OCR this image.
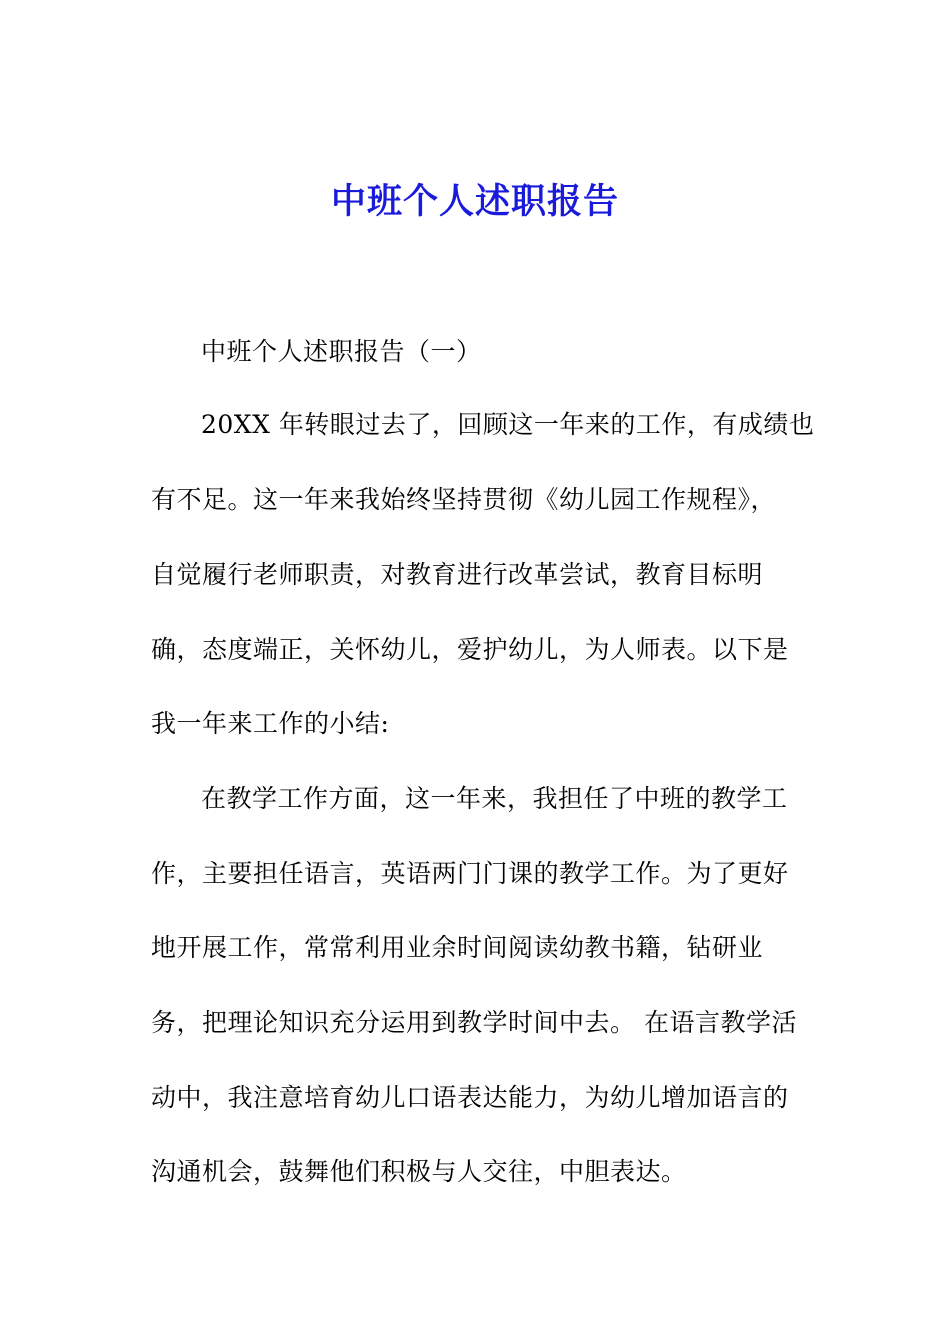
中班个人述职报告
中班个人述职报告（一）
20XX 年转眼过去了，回顾这一年来的工作，有成绩也
有不足。这一年来我始终坚持贯彻《幼儿园工作规程》，
自觉履行老师职责，对教育进行改革尝试，教育目标明
确，态度端正，关怀幼儿，爱护幼儿，为人师表。以下是
我一年来工作的小结:
在教学工作方面，这一年来，我担任了中班的教学工
作，主要担任语言，英语两门门课的教学工作。为了更好
地开展工作，常常利用业余时间阅读幼教书籍，钻研业
务，把理论知识充分运用到教学时间中去。 在语言教学活
动中，我注意培育幼儿口语表达能力，为幼儿增加语言的
沟通机会，鼓舞他们积极与人交往，中胆表达。
